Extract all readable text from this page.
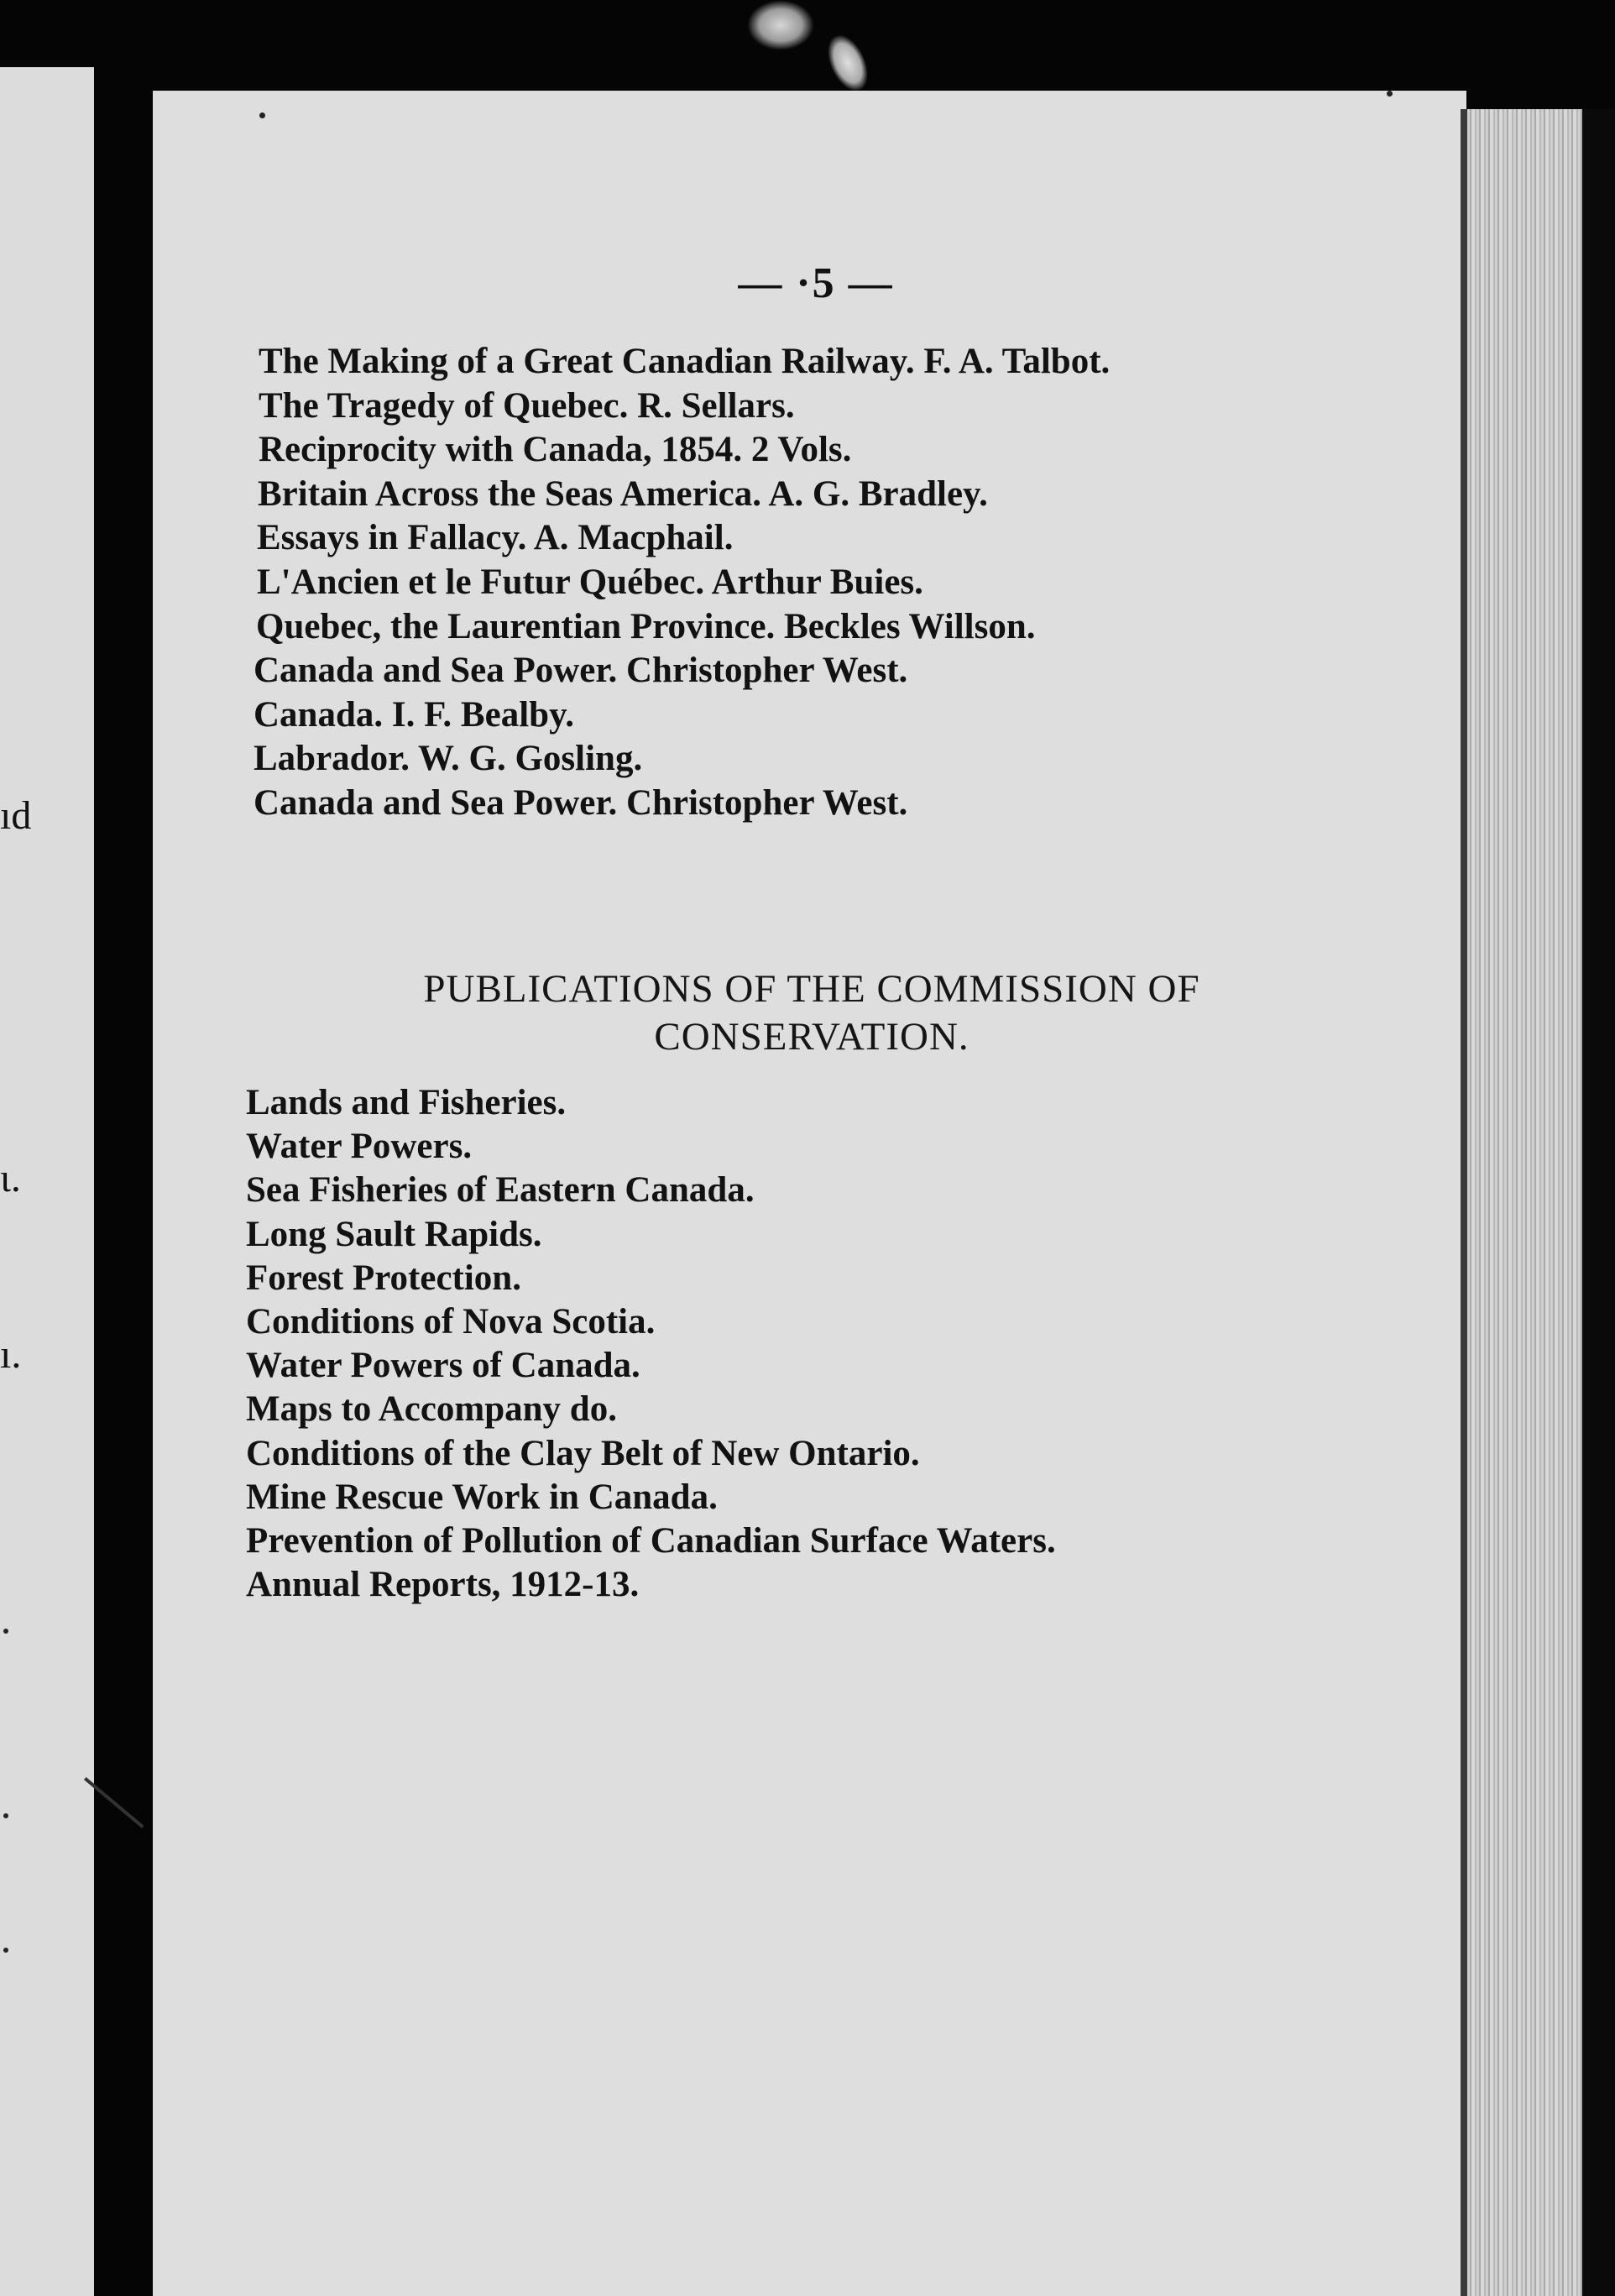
ıd
ι.
ı.
— ·5 —
The Making of a Great Canadian Railway. F. A. Talbot.
The Tragedy of Quebec. R. Sellars.
Reciprocity with Canada, 1854. 2 Vols.
Britain Across the Seas America. A. G. Bradley.
Essays in Fallacy. A. Macphail.
L'Ancien et le Futur Québec. Arthur Buies.
Quebec, the Laurentian Province. Beckles Willson.
Canada and Sea Power. Christopher West.
Canada. I. F. Bealby.
Labrador. W. G. Gosling.
Canada and Sea Power. Christopher West.
PUBLICATIONS OF THE COMMISSION OF
CONSERVATION.
Lands and Fisheries.
Water Powers.
Sea Fisheries of Eastern Canada.
Long Sault Rapids.
Forest Protection.
Conditions of Nova Scotia.
Water Powers of Canada.
Maps to Accompany do.
Conditions of the Clay Belt of New Ontario.
Mine Rescue Work in Canada.
Prevention of Pollution of Canadian Surface Waters.
Annual Reports, 1912-13.
